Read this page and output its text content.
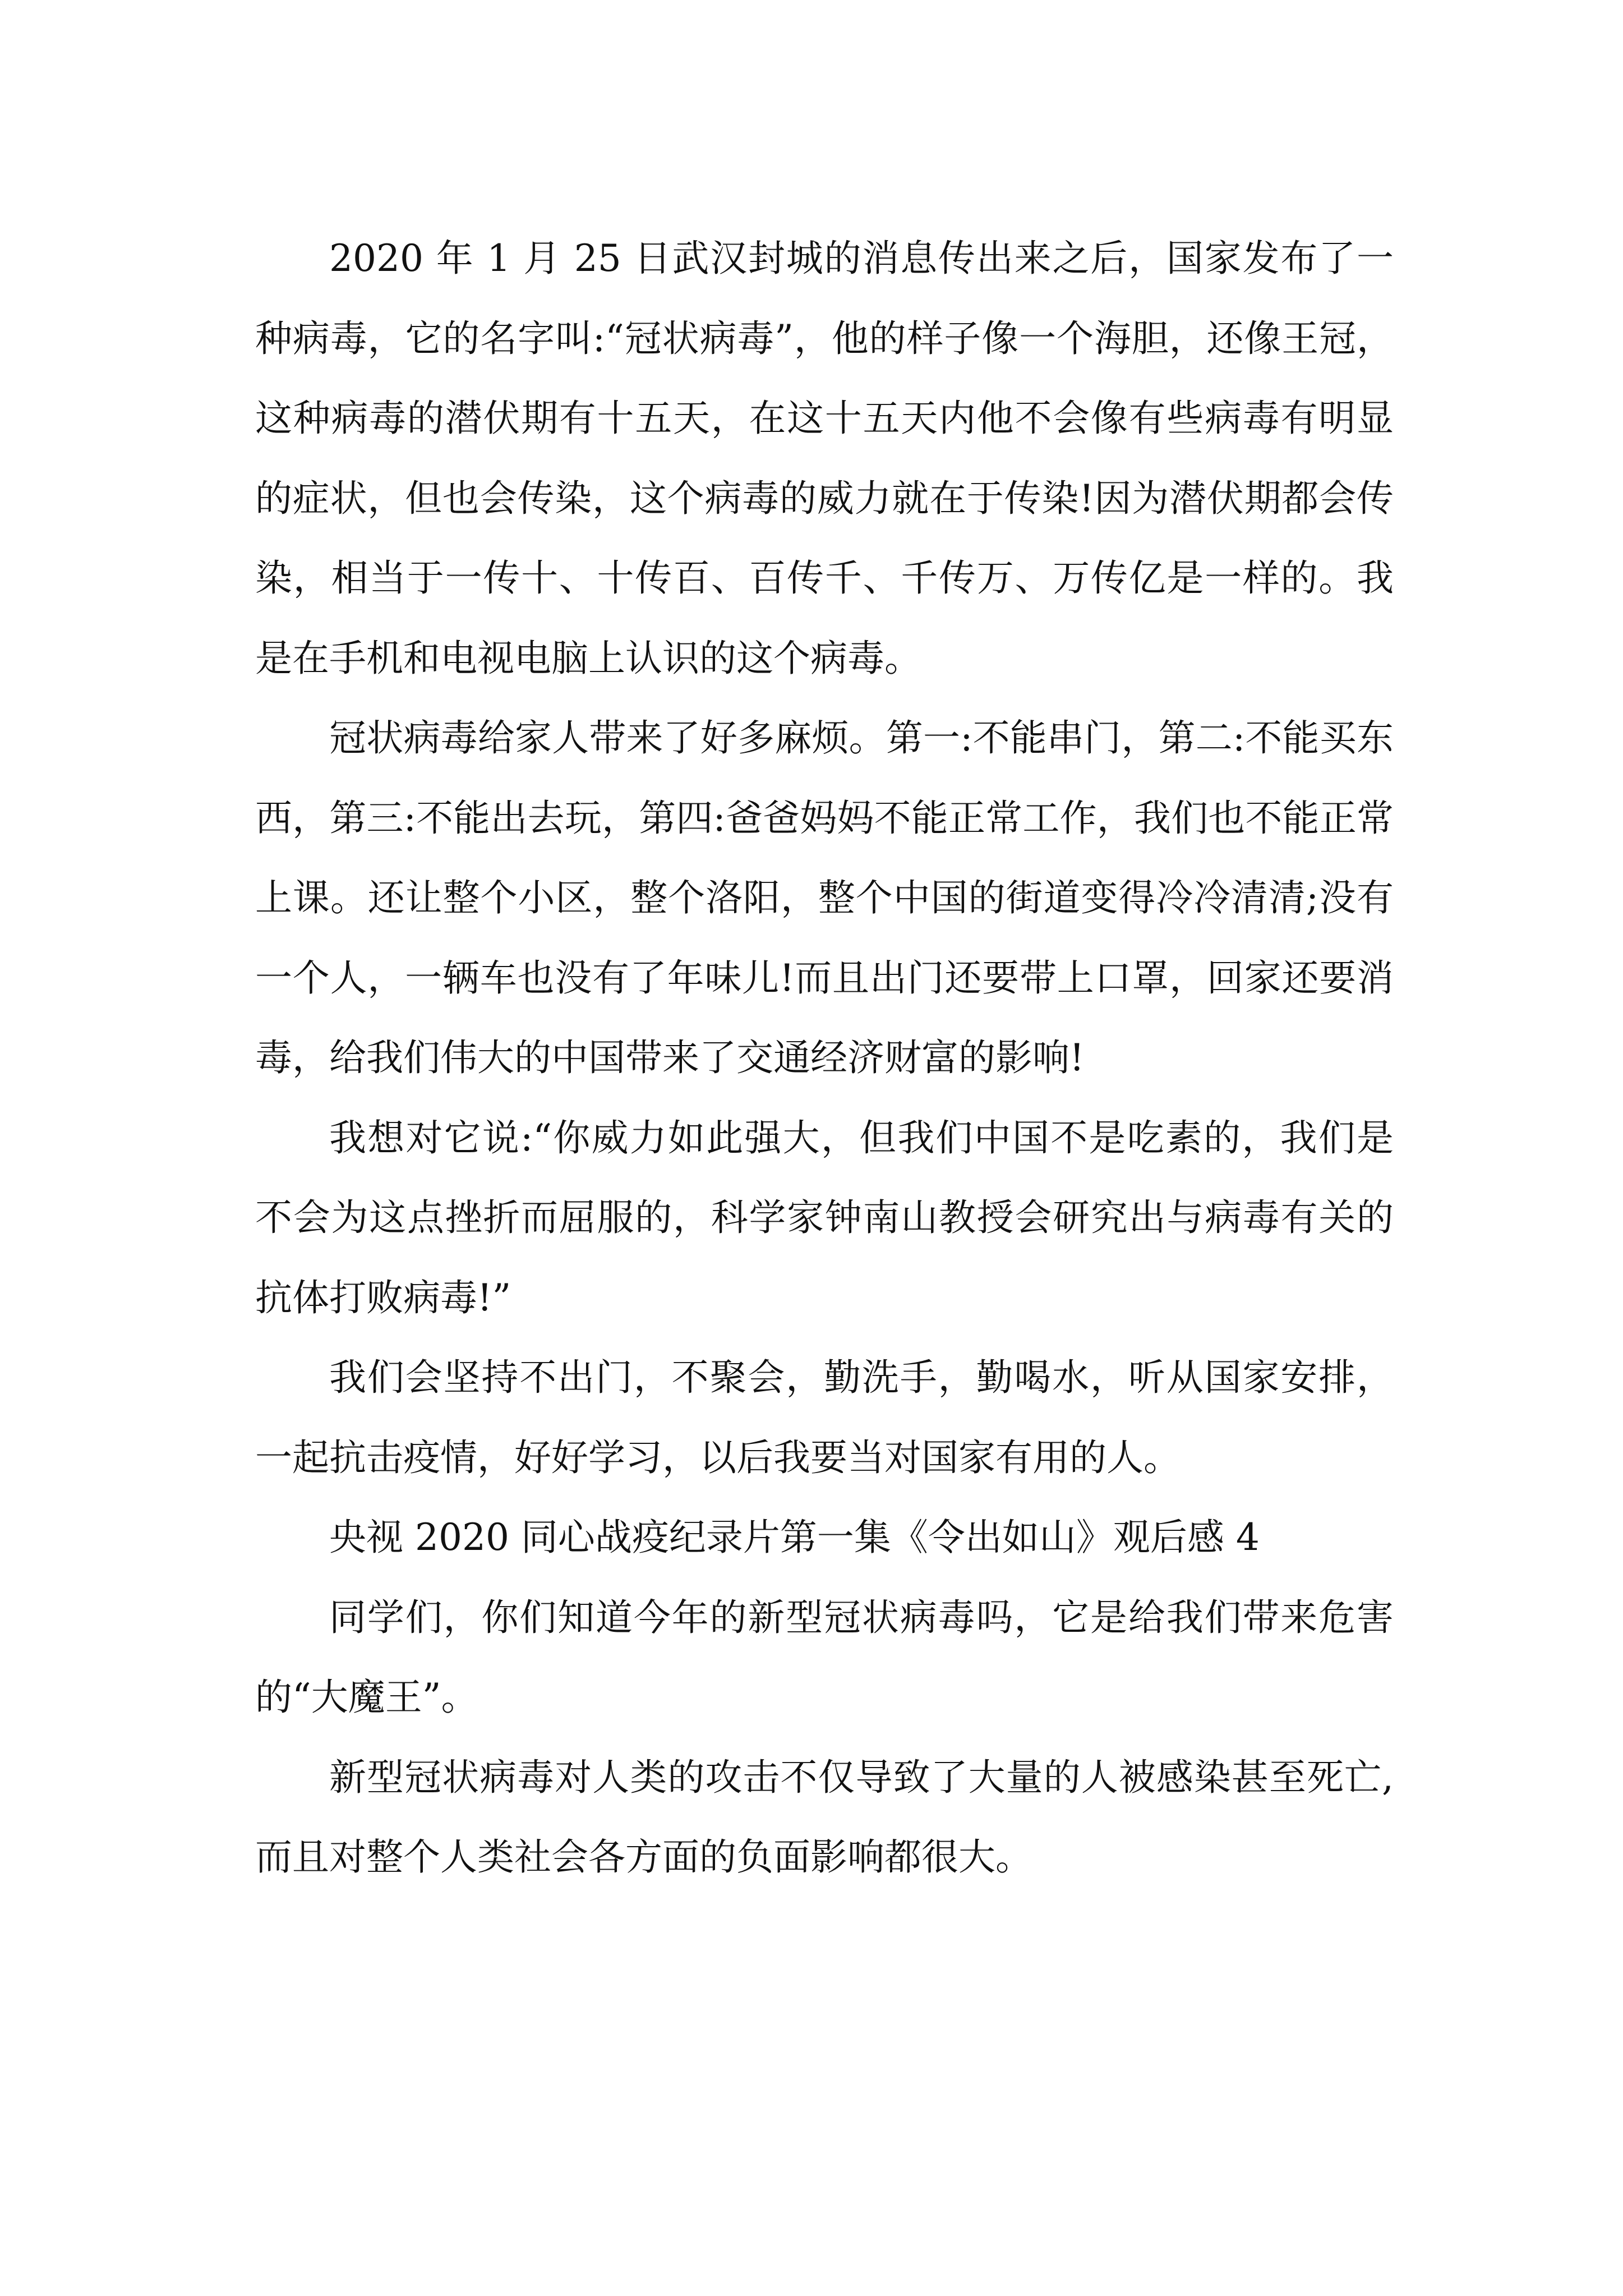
2020 年 1 月 25 日武汉封城的消息传出来之后，国家发布了一种病毒，它的名字叫:“冠状病毒”，他的样子像一个海胆，还像王冠，这种病毒的潜伏期有十五天，在这十五天内他不会像有些病毒有明显的症状，但也会传染，这个病毒的威力就在于传染!因为潜伏期都会传染，相当于一传十、十传百、百传千、千传万、万传亿是一样的。我是在手机和电视电脑上认识的这个病毒。

冠状病毒给家人带来了好多麻烦。第一:不能串门，第二:不能买东西，第三:不能出去玩，第四:爸爸妈妈不能正常工作，我们也不能正常上课。还让整个小区，整个洛阳，整个中国的街道变得冷冷清清;没有一个人，一辆车也没有了年味儿!而且出门还要带上口罩，回家还要消毒，给我们伟大的中国带来了交通经济财富的影响!

我想对它说:“你威力如此强大，但我们中国不是吃素的，我们是不会为这点挫折而屈服的，科学家钟南山教授会研究出与病毒有关的抗体打败病毒!”

我们会坚持不出门，不聚会，勤洗手，勤喝水，听从国家安排，一起抗击疫情，好好学习，以后我要当对国家有用的人。

央视 2020 同心战疫纪录片第一集《令出如山》观后感 4

同学们，你们知道今年的新型冠状病毒吗，它是给我们带来危害的“大魔王”。

新型冠状病毒对人类的攻击不仅导致了大量的人被感染甚至死亡,而且对整个人类社会各方面的负面影响都很大。
